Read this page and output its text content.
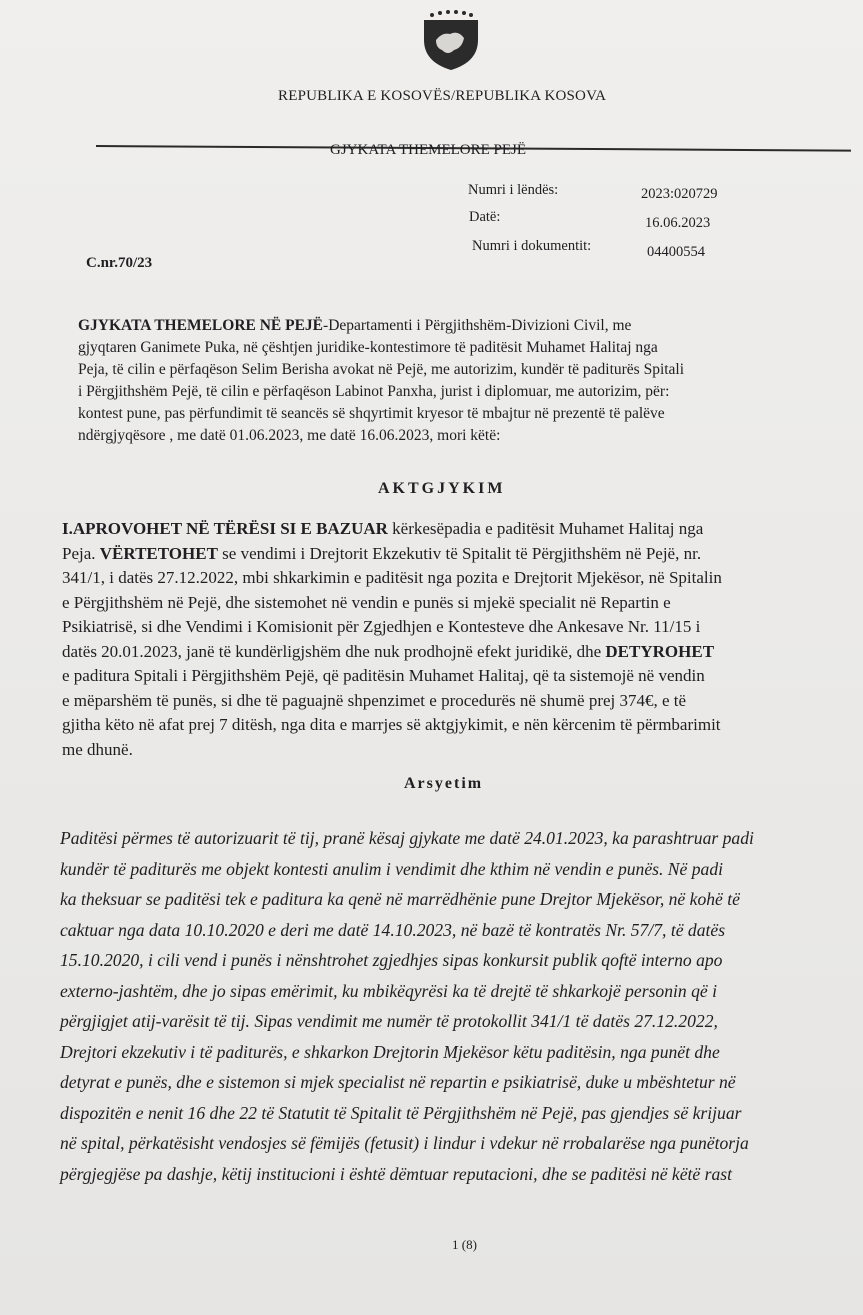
REPUBLIKA E KOSOVËS/REPUBLIKA KOSOVA
GJYKATA THEMELORE PEJË
Numri i lëndës:	2023:020729
Datë:	16.06.2023
Numri i dokumentit:	04400554
C.nr.70/23
GJYKATA THEMELORE NË PEJË-Departamenti i Përgjithshëm-Divizioni Civil, me
gjyqtaren Ganimete Puka, në çështjen juridike-kontestimore të paditësit Muhamet Halitaj nga
Peja, të cilin e përfaqëson Selim Berisha avokat në Pejë, me autorizim, kundër të paditurës Spitali
i Përgjithshëm Pejë, të cilin e përfaqëson Labinot Panxha, jurist i diplomuar, me autorizim, për:
kontest pune, pas përfundimit të seancës së shqyrtimit kryesor të mbajtur në prezentë të palëve
ndërgjyqësore , me datë 01.06.2023, me datë 16.06.2023, mori këtë:
AKTGJYKIM
I.APROVOHET NË TËRËSI SI E BAZUAR kërkesëpadia e paditësit Muhamet Halitaj nga
Peja. VËRTETOHET se vendimi i Drejtorit Ekzekutiv të Spitalit të Përgjithshëm në Pejë, nr.
341/1, i datës 27.12.2022, mbi shkarkimin e paditësit nga pozita e Drejtorit Mjekësor, në Spitalin
e Përgjithshëm në Pejë, dhe sistemohet në vendin e punës si mjekë specialit në Repartin e
Psikiatrisë, si dhe Vendimi i Komisionit për Zgjedhjen e Kontesteve dhe Ankesave Nr. 11/15 i
datës 20.01.2023, janë të kundërligjshëm dhe nuk prodhojnë efekt juridikë, dhe DETYROHET
e paditura Spitali i Përgjithshëm Pejë, që paditësin Muhamet Halitaj, që ta sistemojë në vendin
e mëparshëm të punës, si dhe të paguajnë shpenzimet e procedurës në shumë prej 374€, e të
gjitha këto në afat prej 7 ditësh, nga dita e marrjes së aktgjykimit, e nën kërcenim të përmbarimit
me dhunë.
Arsyetim
Paditësi përmes të autorizuarit të tij, pranë kësaj gjykate me datë 24.01.2023, ka parashtruar padi
kundër të paditurës me objekt kontesti anulim i vendimit dhe kthim në vendin e punës. Në padi
ka theksuar se paditësi tek e paditura ka qenë në marrëdhënie pune Drejtor Mjekësor, në kohë të
caktuar nga data 10.10.2020 e deri me datë 14.10.2023, në bazë të kontratës Nr. 57/7, të datës
15.10.2020, i cili vend i punës i nënshtrohet zgjedhjes sipas konkursit publik qoftë interno apo
externo-jashtëm, dhe jo sipas emërimit, ku mbikëqyrësi ka të drejtë të shkarkojë personin që i
përgjigjet atij-varësit të tij. Sipas vendimit me numër të protokollit 341/1 të datës 27.12.2022,
Drejtori ekzekutiv i të paditurës, e shkarkon Drejtorin Mjekësor këtu paditësin, nga punët dhe
detyrat e punës, dhe e sistemon si mjek specialist në repartin e psikiatrisë, duke u mbështetur në
dispozitën e nenit 16 dhe 22 të Statutit të Spitalit të Përgjithshëm në Pejë, pas gjendjes së krijuar
në spital, përkatësisht vendosjes së fëmijës (fetusit) i lindur i vdekur në rrobalarëse nga punëtorja
përgjegjëse pa dashje, këtij institucioni i është dëmtuar reputacioni, dhe se paditësi në këtë rast
1 (8)
